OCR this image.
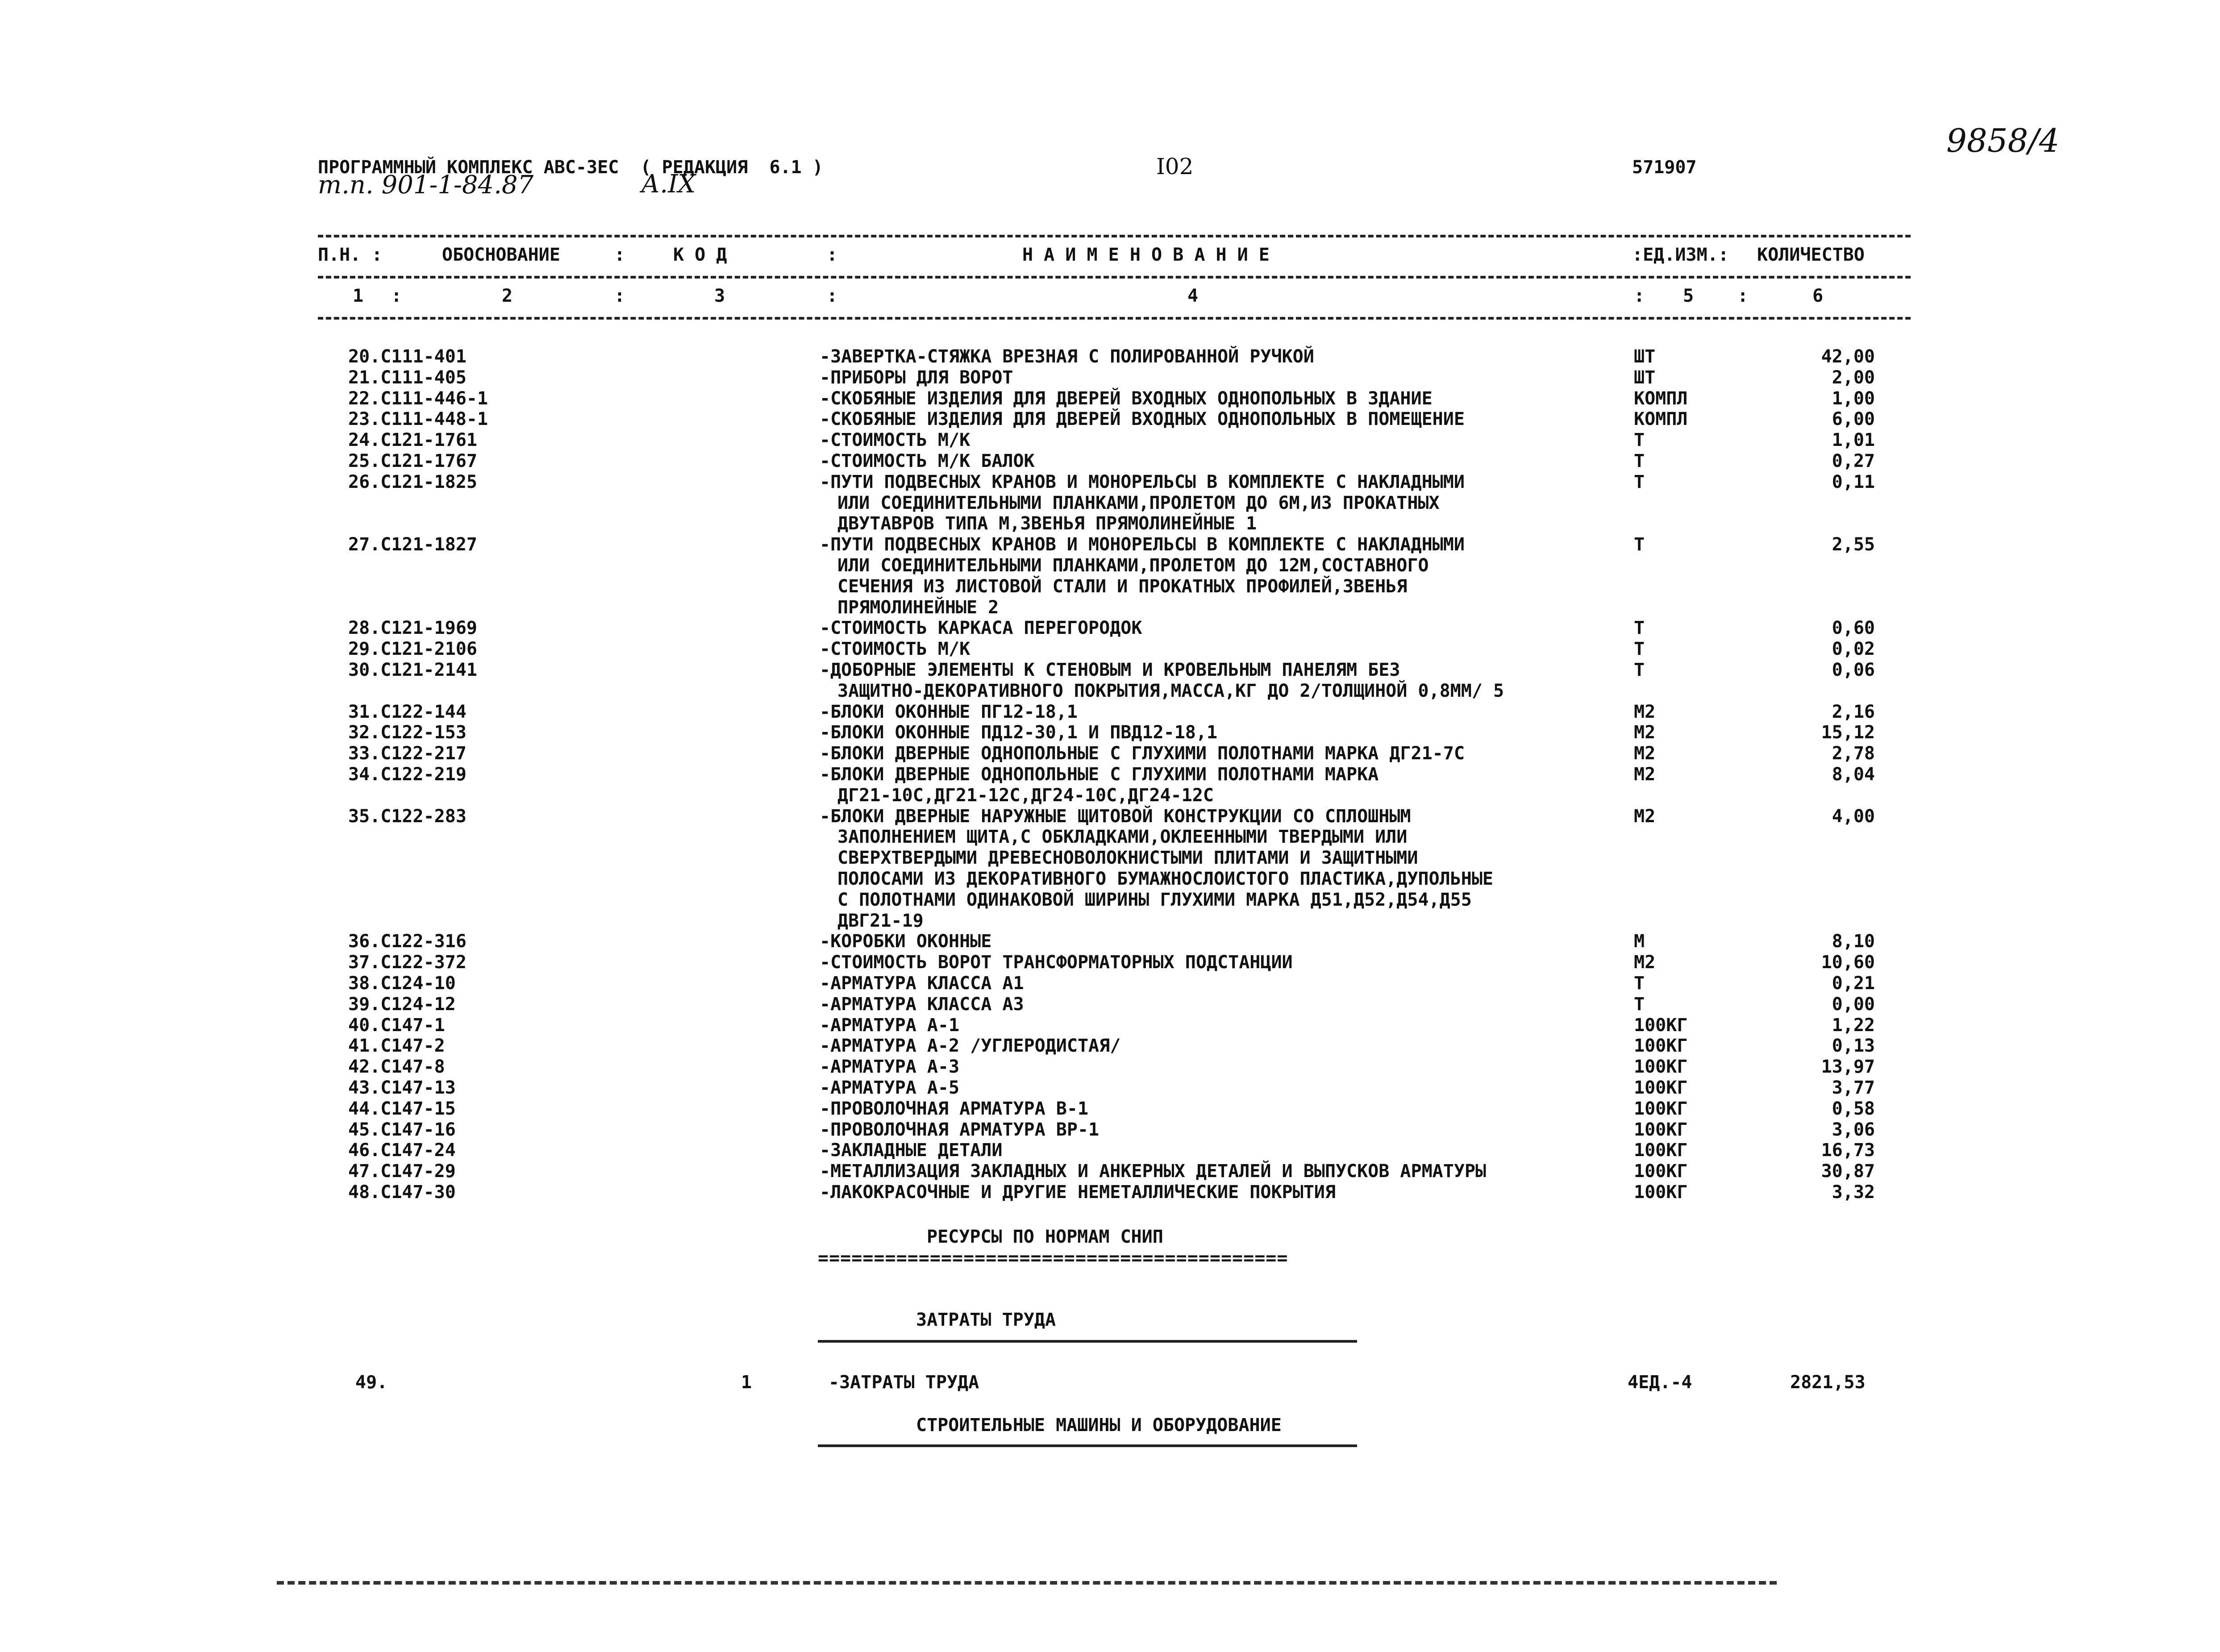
ПРОГРАММНЫЙ КОМПЛЕКС АВС-3ЕС  ( РЕДАКЦИЯ  6.1 )	I02	571907
т.п. 901-1-84.87	А.IX
9858/4
П.Н. :	ОБОСНОВАНИЕ	:	К О Д	:	Н А И М Е Н О В А Н И Е	:ЕД.ИЗМ.: КОЛИЧЕСТВО
1 :	2	:	3	:	4	: 5 :	6
20.С111-401	-ЗАВЕРТКА-СТЯЖКА ВРЕЗНАЯ С ПОЛИРОВАННОЙ РУЧКОЙ	ШТ	42,00
21.С111-405	-ПРИБОРЫ ДЛЯ ВОРОТ	ШТ	2,00
22.С111-446-1	-СКОБЯНЫЕ ИЗДЕЛИЯ ДЛЯ ДВЕРЕЙ ВХОДНЫХ ОДНОПОЛЬНЫХ В ЗДАНИЕ	КОМПЛ	1,00
23.С111-448-1	-СКОБЯНЫЕ ИЗДЕЛИЯ ДЛЯ ДВЕРЕЙ ВХОДНЫХ ОДНОПОЛЬНЫХ В ПОМЕЩЕНИЕ	КОМПЛ	6,00
24.С121-1761	-СТОИМОСТЬ М/К	Т	1,01
25.С121-1767	-СТОИМОСТЬ М/К БАЛОК	Т	0,27
26.С121-1825	-ПУТИ ПОДВЕСНЫХ КРАНОВ И МОНОРЕЛЬСЫ В КОМПЛЕКТЕ С НАКЛАДНЫМИ
ИЛИ СОЕДИНИТЕЛЬНЫМИ ПЛАНКАМИ,ПРОЛЕТОМ ДО 6М,ИЗ ПРОКАТНЫХ
ДВУТАВРОВ ТИПА М,ЗВЕНЬЯ ПРЯМОЛИНЕЙНЫЕ 1
Т	0,11
27.С121-1827	-ПУТИ ПОДВЕСНЫХ КРАНОВ И МОНОРЕЛЬСЫ В КОМПЛЕКТЕ С НАКЛАДНЫМИ
ИЛИ СОЕДИНИТЕЛЬНЫМИ ПЛАНКАМИ,ПРОЛЕТОМ ДО 12М,СОСТАВНОГО
СЕЧЕНИЯ ИЗ ЛИСТОВОЙ СТАЛИ И ПРОКАТНЫХ ПРОФИЛЕЙ,ЗВЕНЬЯ
ПРЯМОЛИНЕЙНЫЕ 2
Т	2,55
28.С121-1969	-СТОИМОСТЬ КАРКАСА ПЕРЕГОРОДОК	Т	0,60
29.С121-2106	-СТОИМОСТЬ М/К	Т	0,02
30.С121-2141	-ДОБОРНЫЕ ЭЛЕМЕНТЫ К СТЕНОВЫМ И КРОВЕЛЬНЫМ ПАНЕЛЯМ БЕЗ
ЗАЩИТНО-ДЕКОРАТИВНОГО ПОКРЫТИЯ,МАССА,КГ ДО 2/ТОЛЩИНОЙ 0,8ММ/ 5
Т	0,06
31.С122-144	-БЛОКИ ОКОННЫЕ ПГ12-18,1	М2	2,16
32.С122-153	-БЛОКИ ОКОННЫЕ ПД12-30,1 И ПВД12-18,1	М2	15,12
33.С122-217	-БЛОКИ ДВЕРНЫЕ ОДНОПОЛЬНЫЕ С ГЛУХИМИ ПОЛОТНАМИ МАРКА ДГ21-7С	М2	2,78
34.С122-219	-БЛОКИ ДВЕРНЫЕ ОДНОПОЛЬНЫЕ С ГЛУХИМИ ПОЛОТНАМИ МАРКА
ДГ21-10С,ДГ21-12С,ДГ24-10С,ДГ24-12С
М2	8,04
35.С122-283	-БЛОКИ ДВЕРНЫЕ НАРУЖНЫЕ ЩИТОВОЙ КОНСТРУКЦИИ СО СПЛОШНЫМ
ЗАПОЛНЕНИЕМ ЩИТА,С ОБКЛАДКАМИ,ОКЛЕЕННЫМИ ТВЕРДЫМИ ИЛИ
СВЕРХТВЕРДЫМИ ДРЕВЕСНОВОЛОКНИСТЫМИ ПЛИТАМИ И ЗАЩИТНЫМИ
ПОЛОСАМИ ИЗ ДЕКОРАТИВНОГО БУМАЖНОСЛОИСТОГО ПЛАСТИКА,ДУПОЛЬНЫЕ
С ПОЛОТНАМИ ОДИНАКОВОЙ ШИРИНЫ ГЛУХИМИ МАРКА Д51,Д52,Д54,Д55
ДВГ21-19
М2	4,00
36.С122-316	-КОРОБКИ ОКОННЫЕ	М	8,10
37.С122-372	-СТОИМОСТЬ ВОРОТ ТРАНСФОРМАТОРНЫХ ПОДСТАНЦИИ	М2	10,60
38.С124-10	-АРМАТУРА КЛАССА А1	Т	0,21
39.С124-12	-АРМАТУРА КЛАССА А3	Т	0,00
40.С147-1	-АРМАТУРА А-1	100КГ	1,22
41.С147-2	-АРМАТУРА А-2 /УГЛЕРОДИСТАЯ/	100КГ	0,13
42.С147-8	-АРМАТУРА А-3	100КГ	13,97
43.С147-13	-АРМАТУРА А-5	100КГ	3,77
44.С147-15	-ПРОВОЛОЧНАЯ АРМАТУРА В-1	100КГ	0,58
45.С147-16	-ПРОВОЛОЧНАЯ АРМАТУРА ВР-1	100КГ	3,06
46.С147-24	-ЗАКЛАДНЫЕ ДЕТАЛИ	100КГ	16,73
47.С147-29	-МЕТАЛЛИЗАЦИЯ ЗАКЛАДНЫХ И АНКЕРНЫХ ДЕТАЛЕЙ И ВЫПУСКОВ АРМАТУРЫ	100КГ	30,87
48.С147-30	-ЛАКОКРАСОЧНЫЕ И ДРУГИЕ НЕМЕТАЛЛИЧЕСКИЕ ПОКРЫТИЯ	100КГ	3,32
РЕСУРСЫ ПО НОРМАМ СНИП
==========================================
ЗАТРАТЫ ТРУДА
49.	1	-ЗАТРАТЫ ТРУДА	4ЕД.-4	2821,53
СТРОИТЕЛЬНЫЕ МАШИНЫ И ОБОРУДОВАНИЕ
